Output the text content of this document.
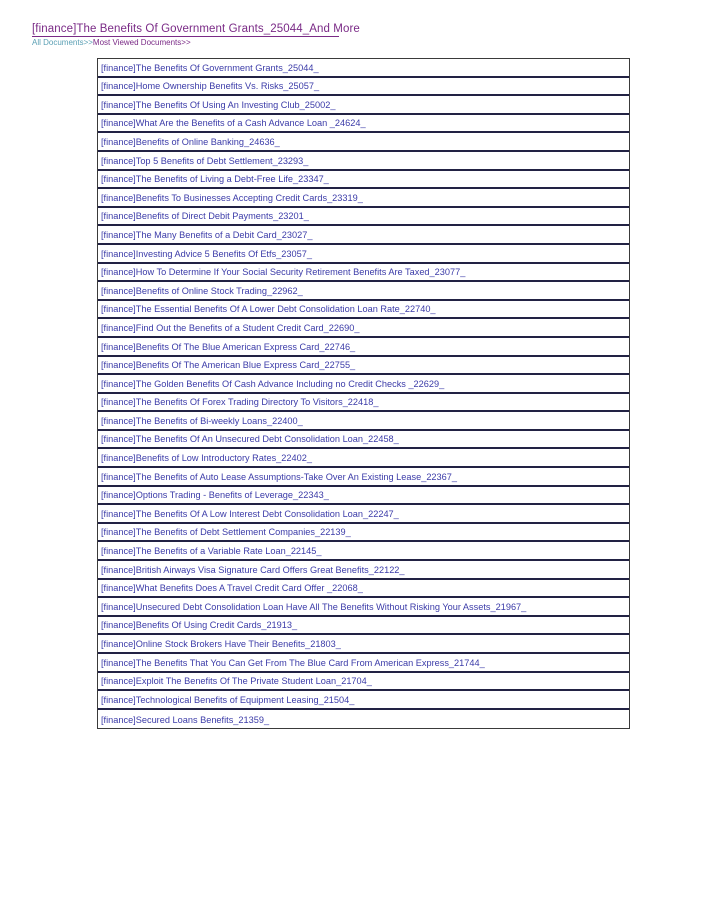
[finance]The Benefits Of Government Grants_25044_And More
All Documents>>Most Viewed Documents>>
[finance]The Benefits Of Government Grants_25044_
[finance]Home Ownership Benefits Vs. Risks_25057_
[finance]The Benefits Of Using An Investing Club_25002_
[finance]What Are the Benefits of a Cash Advance Loan _24624_
[finance]Benefits of Online Banking_24636_
[finance]Top 5 Benefits of Debt Settlement_23293_
[finance]The Benefits of Living a Debt-Free Life_23347_
[finance]Benefits To Businesses Accepting Credit Cards_23319_
[finance]Benefits of Direct Debit Payments_23201_
[finance]The Many Benefits of a Debit Card_23027_
[finance]Investing Advice 5 Benefits Of Etfs_23057_
[finance]How To Determine If Your Social Security Retirement Benefits Are Taxed_23077_
[finance]Benefits of Online Stock Trading_22962_
[finance]The Essential Benefits Of A Lower Debt Consolidation Loan Rate_22740_
[finance]Find Out the Benefits of a Student Credit Card_22690_
[finance]Benefits Of The Blue American Express Card_22746_
[finance]Benefits Of The American Blue Express Card_22755_
[finance]The Golden Benefits Of Cash Advance Including no Credit Checks _22629_
[finance]The Benefits Of Forex Trading Directory To Visitors_22418_
[finance]The Benefits of Bi-weekly Loans_22400_
[finance]The Benefits Of An Unsecured Debt Consolidation Loan_22458_
[finance]Benefits of Low Introductory Rates_22402_
[finance]The Benefits of Auto Lease Assumptions-Take Over An Existing Lease_22367_
[finance]Options Trading - Benefits of Leverage_22343_
[finance]The Benefits Of A Low Interest Debt Consolidation Loan_22247_
[finance]The Benefits of Debt Settlement Companies_22139_
[finance]The Benefits of a Variable Rate Loan_22145_
[finance]British Airways Visa Signature Card Offers Great Benefits_22122_
[finance]What Benefits Does A Travel Credit Card Offer _22068_
[finance]Unsecured Debt Consolidation Loan Have All The Benefits Without Risking Your Assets_21967_
[finance]Benefits Of Using Credit Cards_21913_
[finance]Online Stock Brokers Have Their Benefits_21803_
[finance]The Benefits That You Can Get From The Blue Card From American Express_21744_
[finance]Exploit The Benefits Of The Private Student Loan_21704_
[finance]Technological Benefits of Equipment Leasing_21504_
[finance]Secured Loans Benefits_21359_
